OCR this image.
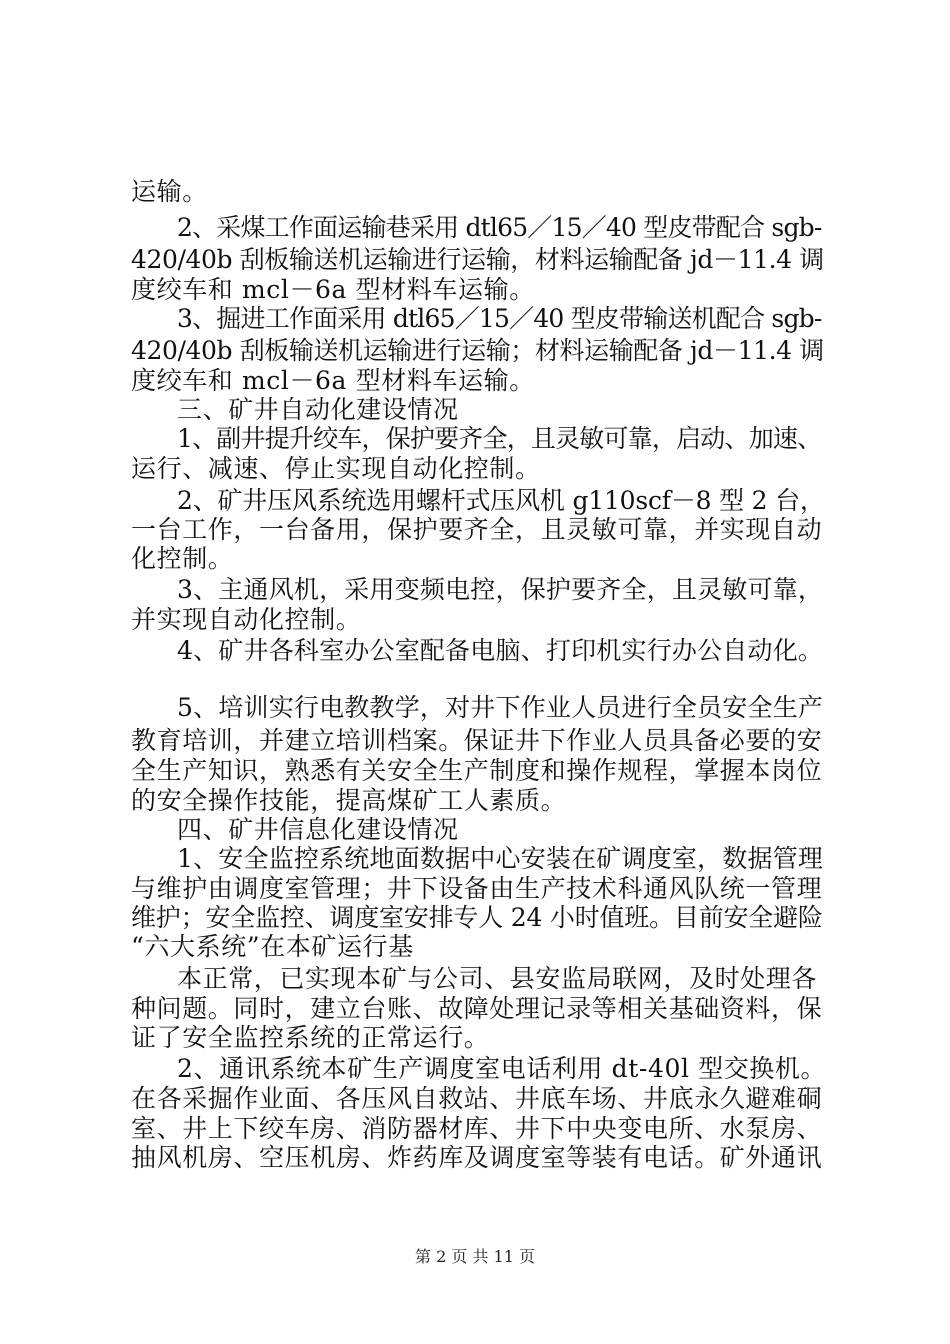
运输。
2、采煤工作面运输巷采用 dtl65／15／40 型皮带配合 sgb-
420/40b 刮板输送机运输进行运输，材料运输配备 jd－11.4 调
度绞车和 mcl－6a 型材料车运输。
3、掘进工作面采用 dtl65／15／40 型皮带输送机配合 sgb-
420/40b 刮板输送机运输进行运输；材料运输配备 jd－11.4 调
度绞车和 mcl－6a 型材料车运输。
三、矿井自动化建设情况
1、副井提升绞车，保护要齐全，且灵敏可靠，启动、加速、
运行、减速、停止实现自动化控制。
2、矿井压风系统选用螺杆式压风机 g110scf－8 型 2 台，
一台工作，一台备用，保护要齐全，且灵敏可靠，并实现自动
化控制。
3、主通风机，采用变频电控，保护要齐全，且灵敏可靠，
并实现自动化控制。
4、矿井各科室办公室配备电脑、打印机实行办公自动化。
5、培训实行电教教学，对井下作业人员进行全员安全生产
教育培训，并建立培训档案。保证井下作业人员具备必要的安
全生产知识，熟悉有关安全生产制度和操作规程，掌握本岗位
的安全操作技能，提高煤矿工人素质。
四、矿井信息化建设情况
1、安全监控系统地面数据中心安装在矿调度室，数据管理
与维护由调度室管理；井下设备由生产技术科通风队统一管理
维护；安全监控、调度室安排专人 24 小时值班。目前安全避险
“六大系统”在本矿运行基
本正常，已实现本矿与公司、县安监局联网，及时处理各
种问题。同时，建立台账、故障处理记录等相关基础资料，保
证了安全监控系统的正常运行。
2、通讯系统本矿生产调度室电话利用 dt-40l 型交换机。
在各采掘作业面、各压风自救站、井底车场、井底永久避难硐
室、井上下绞车房、消防器材库、井下中央变电所、水泵房、
抽风机房、空压机房、炸药库及调度室等装有电话。矿外通讯
第 2 页 共 11 页
